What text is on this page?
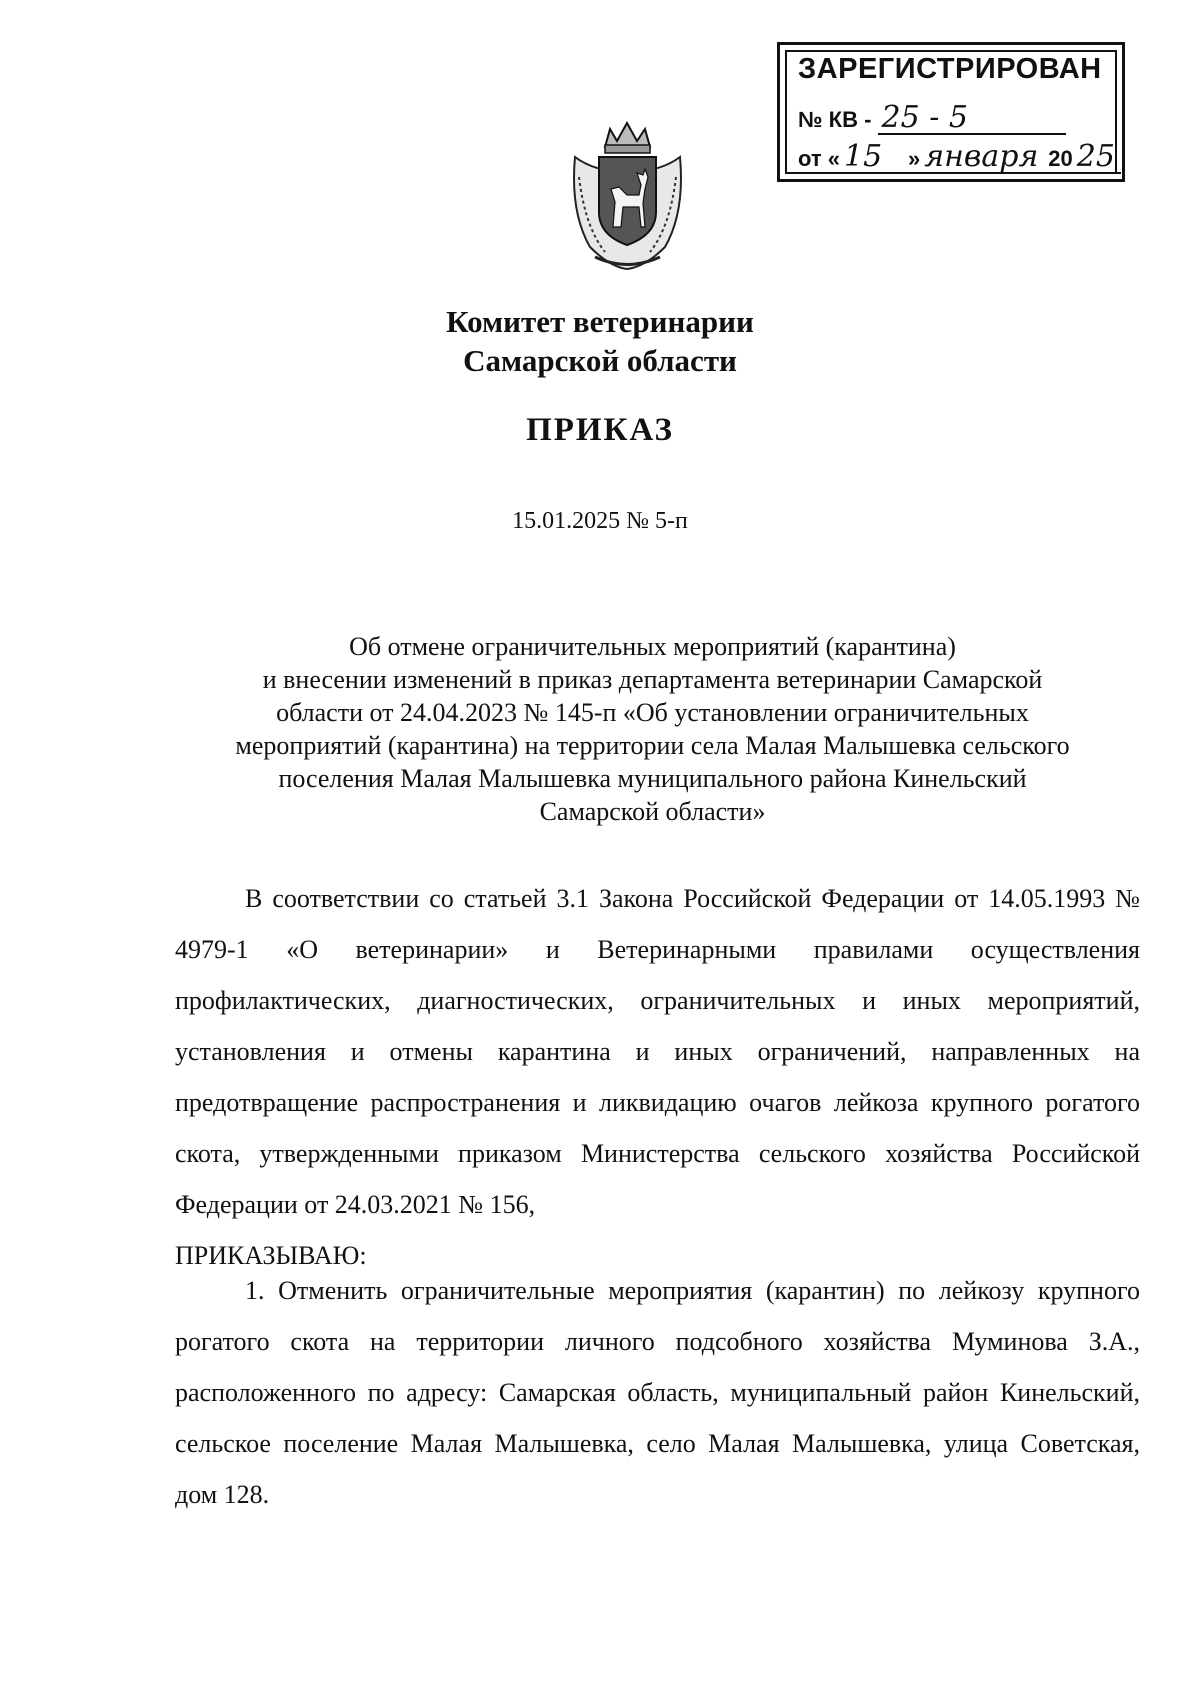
ЗАРЕГИСТРИРОВАН
№ КВ - 25 - 5
от « 15 » января 20 25
Комитет ветеринарии
Самарской области
ПРИКАЗ
15.01.2025 № 5-п
Об отмене ограничительных мероприятий (карантина)
и внесении изменений в приказ департамента ветеринарии Самарской
области от 24.04.2023 № 145-п «Об установлении ограничительных
мероприятий (карантина) на территории села Малая Малышевка сельского
поселения Малая Малышевка муниципального района Кинельский
Самарской области»
В соответствии со статьей 3.1 Закона Российской Федерации от 14.05.1993 № 4979-1 «О ветеринарии» и Ветеринарными правилами осуществления профилактических, диагностических, ограничительных и иных мероприятий, установления и отмены карантина и иных ограничений, направленных на предотвращение распространения и ликвидацию очагов лейкоза крупного рогатого скота, утвержденными приказом Министерства сельского хозяйства Российской Федерации от 24.03.2021 № 156,
ПРИКАЗЫВАЮ:
1. Отменить ограничительные мероприятия (карантин) по лейкозу крупного рогатого скота на территории личного подсобного хозяйства Муминова З.А., расположенного по адресу: Самарская область, муниципальный район Кинельский, сельское поселение Малая Малышевка, село Малая Малышевка, улица Советская, дом 128.
